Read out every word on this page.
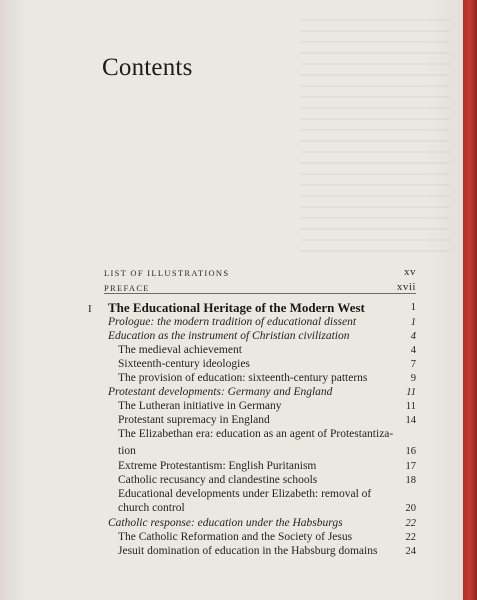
Contents
LIST OF ILLUSTRATIONS	xv
PREFACE	xvii
I The Educational Heritage of the Modern West	1
Prologue: the modern tradition of educational dissent	1
Education as the instrument of Christian civilization	4
The medieval achievement	4
Sixteenth-century ideologies	7
The provision of education: sixteenth-century patterns	9
Protestant developments: Germany and England	11
The Lutheran initiative in Germany	11
Protestant supremacy in England	14
The Elizabethan era: education as an agent of Protestantiza-
tion	16
Extreme Protestantism: English Puritanism	17
Catholic recusancy and clandestine schools	18
Educational developments under Elizabeth: removal of
church control	20
Catholic response: education under the Habsburgs	22
The Catholic Reformation and the Society of Jesus	22
Jesuit domination of education in the Habsburg domains	24
